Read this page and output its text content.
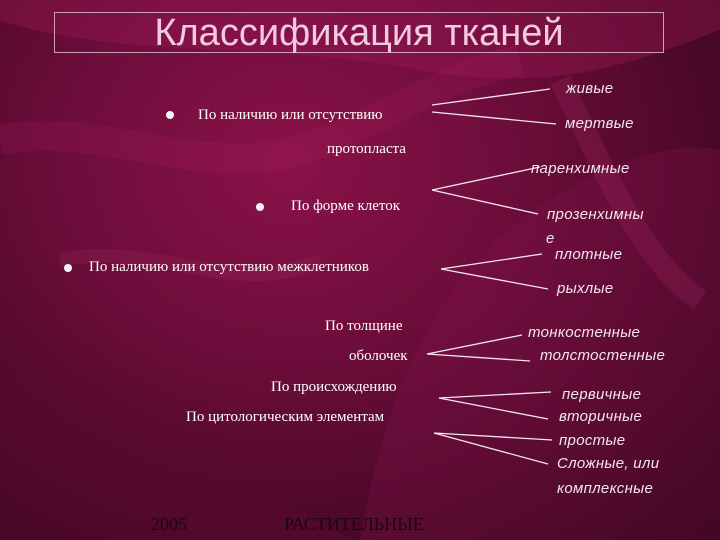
Классификация тканей
По наличию или отсутствию
протопласта
По форме клеток
По наличию или отсутствию межклетников
По толщине
оболочек
По происхождению
По цитологическим элементам
живые
мертвые
паренхимные
прозенхимны
е
плотные
рыхлые
тонкостенные
толстостенные
первичные
вторичные
простые
Сложные, или
комплексные
2005	РАСТИТЕЛЬНЫЕ
